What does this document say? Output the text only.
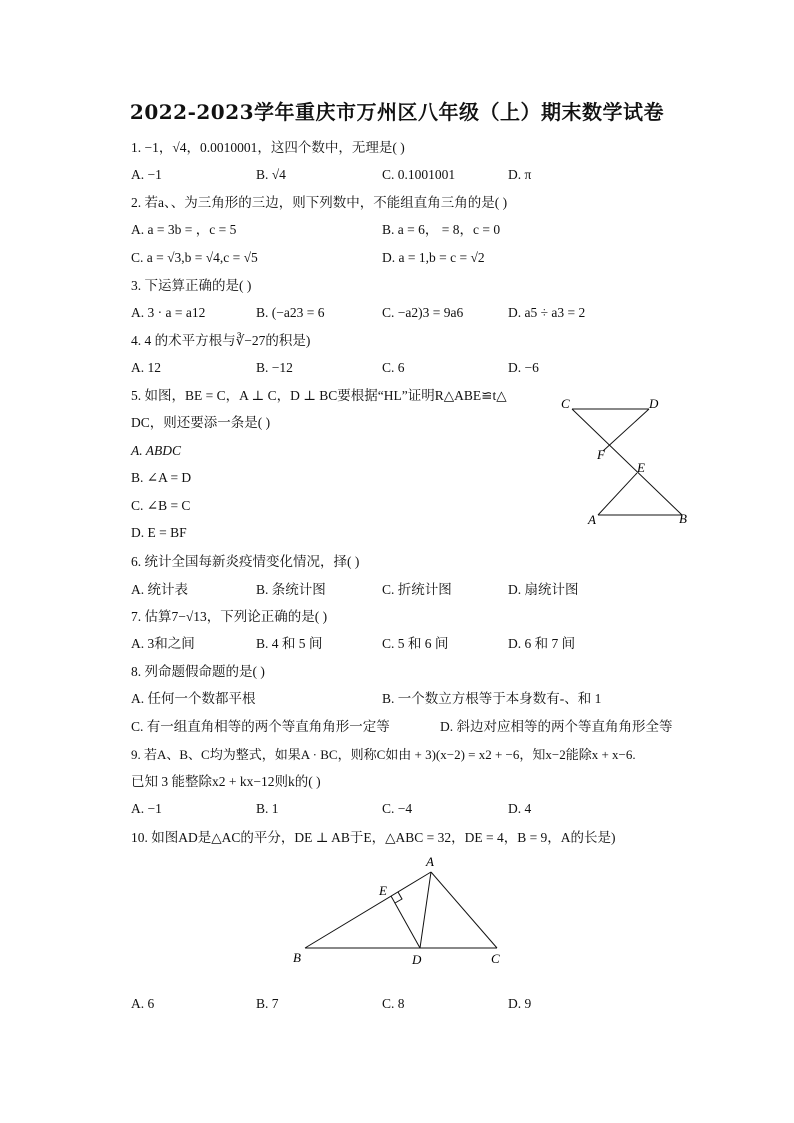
2022-2023学年重庆市万州区八年级（上）期末数学试卷
1. −1，√4，0.0010001，这四个数中，无理是( )
A. −1	B. √4	C. 0.1001001	D. π
2. 若a、、为三角形的三边，则下列数中，不能组直角三角的是( )
A. a = 3b = ，c = 5	B. a = 6， = 8，c = 0
C. a = √3,b = √4,c = √5	D. a = 1,b = c = √2
3. 下运算正确的是( )
A. 3 · a = a12	B. (−a23 = 6	C. −a2)3 = 9a6	D. a5 ÷ a3 = 2
4. 4 的术平方根与∛−27的积是)
A. 12	B. −12	C. 6	D. −6
5. 如图，BE = C，A ⊥ C，D ⊥ BC要根据“HL”证明R△ABE≌t△
DC，则还要添一条是( )
A. ABDC
B. ∠A = D
C. ∠B = C
D. E = BF
C	D
F
E
A	B
6. 统计全国每新炎疫情变化情况，择( )
A. 统计表	B. 条统计图	C. 折统计图	D. 扇统计图
7. 估算7−√13，下列论正确的是( )
A. 3和之间	B. 4 和 5 间	C. 5 和 6 间	D. 6 和 7 间
8. 列命题假命题的是( )
A. 任何一个数都平根	B. 一个数立方根等于本身数有-、和 1
C. 有一组直角相等的两个等直角角形一定等	D. 斜边对应相等的两个等直角角形全等
9. 若A、B、C均为整式，如果A · BC，则称C如由 + 3)(x−2) = x2 + −6，知x−2能除x + x−6.
已知 3 能整除x2 + kx−12则k的( )
A. −1	B. 1	C. −4	D. 4
10. 如图AD是△AC的平分，DE ⊥ AB于E，△ABC = 32，DE = 4，B = 9，A的长是)
A
E
B	D	C
A. 6	B. 7	C. 8	D. 9
